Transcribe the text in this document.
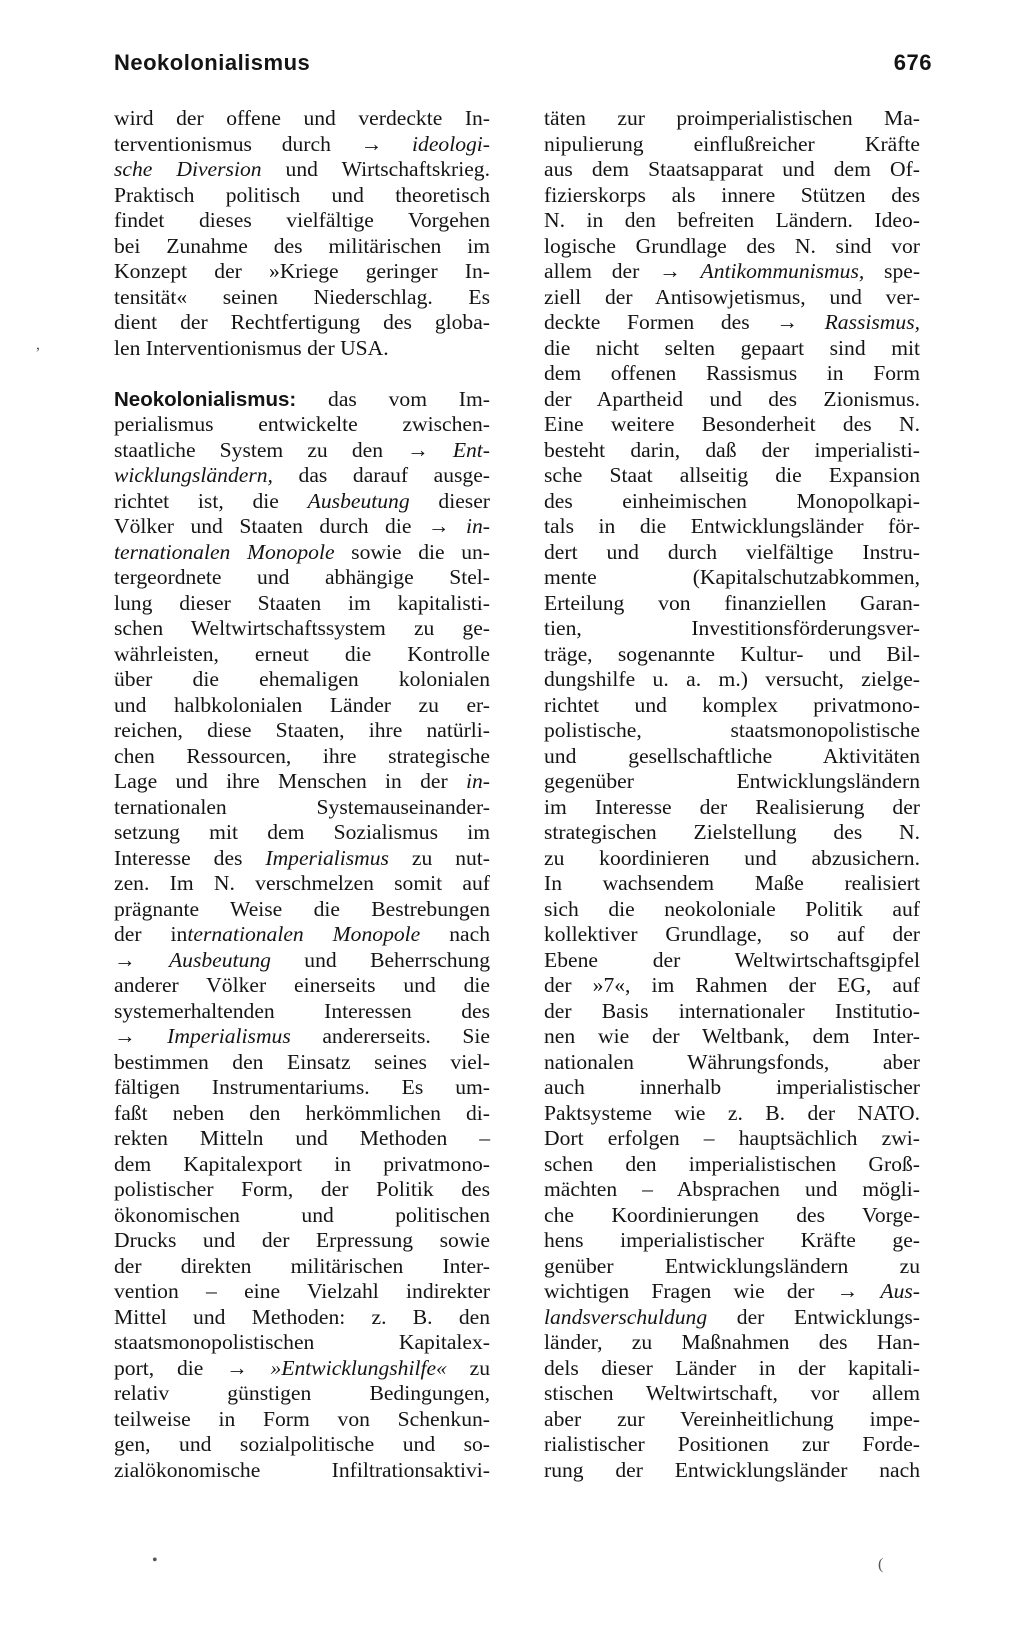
Neokolonialismus	676
wird der offene und verdeckte In-
terventionismus durch → ideologi-
sche Diversion und Wirtschaftskrieg.
Praktisch politisch und theoretisch
findet dieses vielfältige Vorgehen
bei Zunahme des militärischen im
Konzept der »Kriege geringer In-
tensität« seinen Niederschlag. Es
dient der Rechtfertigung des globa-
len Interventionismus der USA.
Neokolonialismus: das vom Im-
perialismus entwickelte zwischen-
staatliche System zu den → Ent-
wicklungsländern, das darauf ausge-
richtet ist, die Ausbeutung dieser
Völker und Staaten durch die → in-
ternationalen Monopole sowie die un-
tergeordnete und abhängige Stel-
lung dieser Staaten im kapitalisti-
schen Weltwirtschaftssystem zu ge-
währleisten, erneut die Kontrolle
über die ehemaligen kolonialen
und halbkolonialen Länder zu er-
reichen, diese Staaten, ihre natürli-
chen Ressourcen, ihre strategische
Lage und ihre Menschen in der in-
ternationalen Systemauseinander-
setzung mit dem Sozialismus im
Interesse des Imperialismus zu nut-
zen. Im N. verschmelzen somit auf
prägnante Weise die Bestrebungen
der internationalen Monopole nach
→ Ausbeutung und Beherrschung
anderer Völker einerseits und die
systemerhaltenden Interessen des
→ Imperialismus andererseits. Sie
bestimmen den Einsatz seines viel-
fältigen Instrumentariums. Es um-
faßt neben den herkömmlichen di-
rekten Mitteln und Methoden –
dem Kapitalexport in privatmono-
polistischer Form, der Politik des
ökonomischen und politischen
Drucks und der Erpressung sowie
der direkten militärischen Inter-
vention – eine Vielzahl indirekter
Mittel und Methoden: z. B. den
staatsmonopolistischen Kapitalex-
port, die → »Entwicklungshilfe« zu
relativ günstigen Bedingungen,
teilweise in Form von Schenkun-
gen, und sozialpolitische und so-
zialökonomische Infiltrationsaktivi-
täten zur proimperialistischen Ma-
nipulierung einflußreicher Kräfte
aus dem Staatsapparat und dem Of-
fizierskorps als innere Stützen des
N. in den befreiten Ländern. Ideo-
logische Grundlage des N. sind vor
allem der → Antikommunismus, spe-
ziell der Antisowjetismus, und ver-
deckte Formen des → Rassismus,
die nicht selten gepaart sind mit
dem offenen Rassismus in Form
der Apartheid und des Zionismus.
Eine weitere Besonderheit des N.
besteht darin, daß der imperialisti-
sche Staat allseitig die Expansion
des einheimischen Monopolkapi-
tals in die Entwicklungsländer för-
dert und durch vielfältige Instru-
mente (Kapitalschutzabkommen,
Erteilung von finanziellen Garan-
tien, Investitionsförderungsver-
träge, sogenannte Kultur- und Bil-
dungshilfe u. a. m.) versucht, zielge-
richtet und komplex privatmono-
polistische, staatsmonopolistische
und gesellschaftliche Aktivitäten
gegenüber Entwicklungsländern
im Interesse der Realisierung der
strategischen Zielstellung des N.
zu koordinieren und abzusichern.
In wachsendem Maße realisiert
sich die neokoloniale Politik auf
kollektiver Grundlage, so auf der
Ebene der Weltwirtschaftsgipfel
der »7«, im Rahmen der EG, auf
der Basis internationaler Institutio-
nen wie der Weltbank, dem Inter-
nationalen Währungsfonds, aber
auch innerhalb imperialistischer
Paktsysteme wie z. B. der NATO.
Dort erfolgen – hauptsächlich zwi-
schen den imperialistischen Groß-
mächten – Absprachen und mögli-
che Koordinierungen des Vorge-
hens imperialistischer Kräfte ge-
genüber Entwicklungsländern zu
wichtigen Fragen wie der → Aus-
landsverschuldung der Entwicklungs-
länder, zu Maßnahmen des Han-
dels dieser Länder in der kapitali-
stischen Weltwirtschaft, vor allem
aber zur Vereinheitlichung impe-
rialistischer Positionen zur Forde-
rung der Entwicklungsländer nach
,
•	(
